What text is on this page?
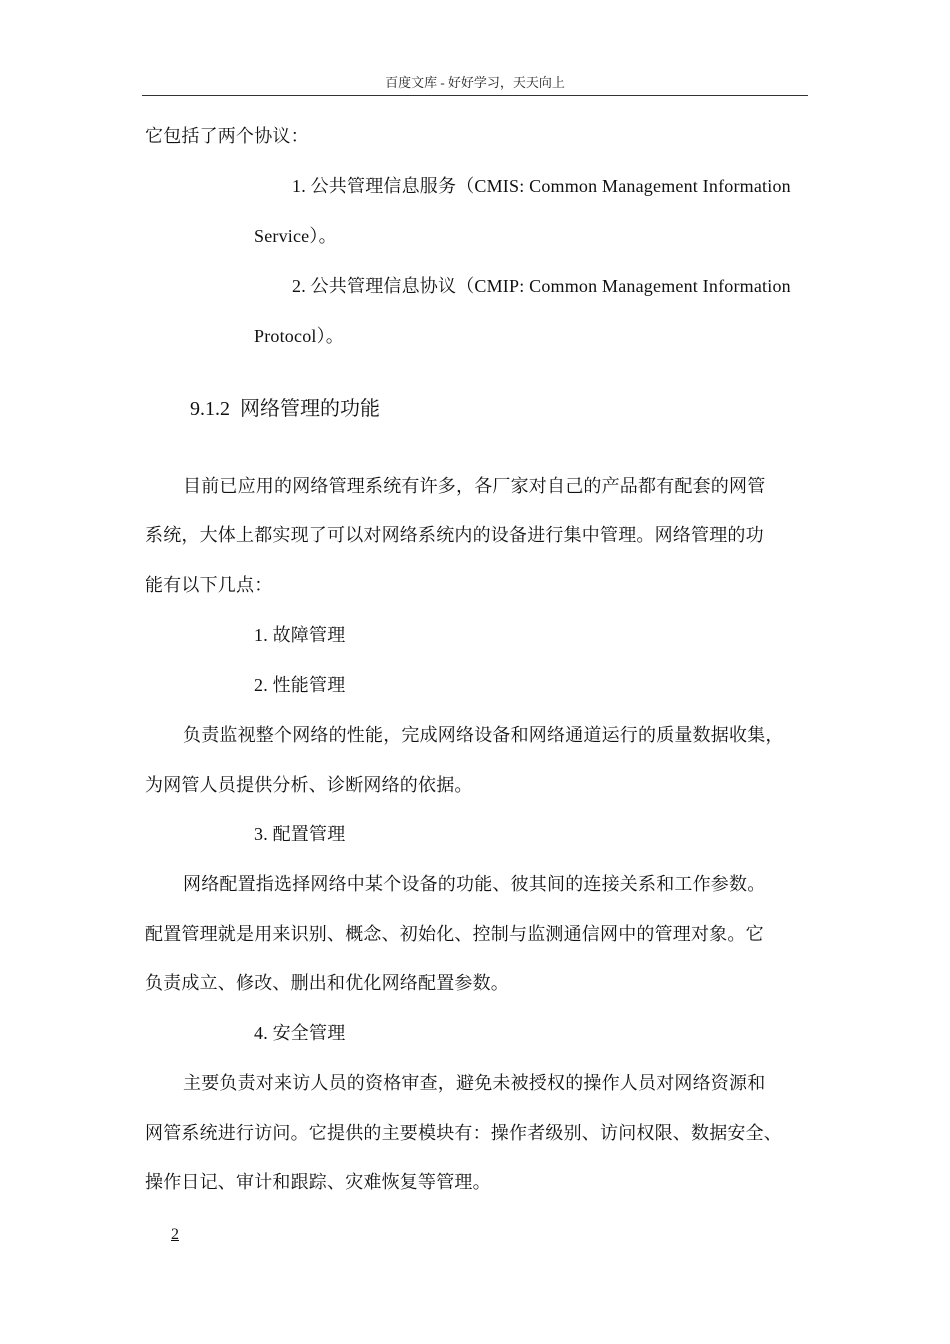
百度文库 - 好好学习，天天向上
它包括了两个协议：
1. 公共管理信息服务（CMIS: Common Management Information
Service）。
2. 公共管理信息协议（CMIP: Common Management Information
Protocol）。
9.1.2 网络管理的功能
目前已应用的网络管理系统有许多，各厂家对自己的产品都有配套的网管
系统，大体上都实现了可以对网络系统内的设备进行集中管理。网络管理的功
能有以下几点：
1. 故障管理
2. 性能管理
负责监视整个网络的性能，完成网络设备和网络通道运行的质量数据收集，
为网管人员提供分析、诊断网络的依据。
3. 配置管理
网络配置指选择网络中某个设备的功能、彼其间的连接关系和工作参数。
配置管理就是用来识别、概念、初始化、控制与监测通信网中的管理对象。它
负责成立、修改、删出和优化网络配置参数。
4. 安全管理
主要负责对来访人员的资格审查，避免未被授权的操作人员对网络资源和
网管系统进行访问。它提供的主要模块有：操作者级别、访问权限、数据安全、
操作日记、审计和跟踪、灾难恢复等管理。
2
